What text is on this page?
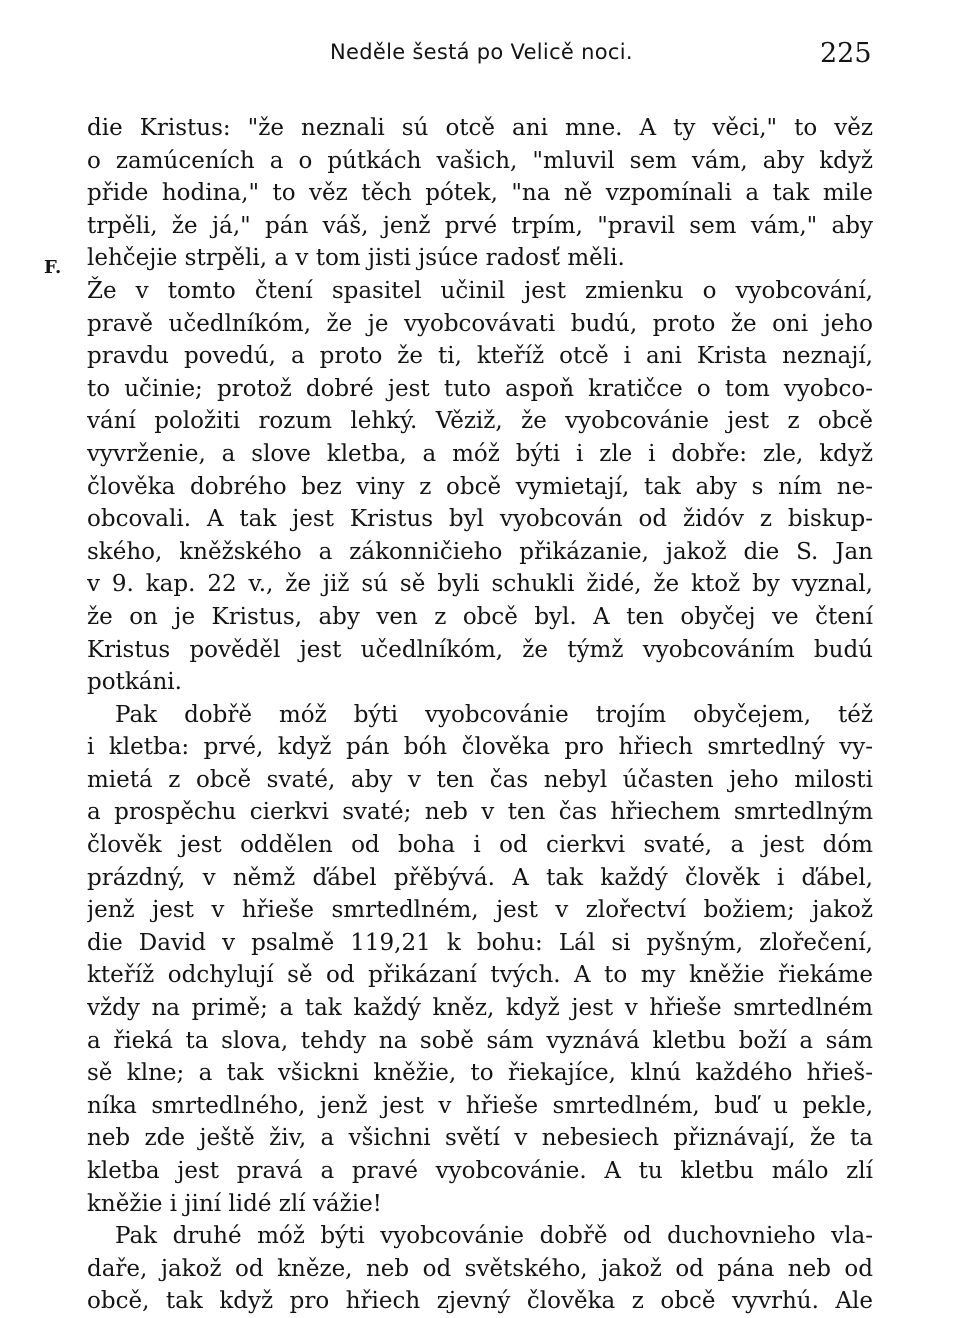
Neděle šestá po Velicě noci.	225
F.
die Kristus: "že neznali sú otcě ani mne. A ty věci," to věz
o zamúceních a o pútkách vašich, "mluvil sem vám, aby když
přide hodina," to věz těch pótek, "na ně vzpomínali a tak mile
trpěli, že já," pán váš, jenž prvé trpím, "pravil sem vám," aby
lehčejie strpěli, a v tom jisti jsúce radosť měli.
Že v tomto čtení spasitel učinil jest zmienku o vyobcování,
pravě učedlníkóm, že je vyobcovávati budú, proto že oni jeho
pravdu povedú, a proto že ti, kteříž otcě i ani Krista neznají,
to učinie; protož dobré jest tuto aspoň kratičce o tom vyobco-
vání položiti rozum lehký. Věziž, že vyobcovánie jest z obcě
vyvrženie, a slove kletba, a móž býti i zle i dobře: zle, když
člověka dobrého bez viny z obcě vymietají, tak aby s ním ne-
obcovali. A tak jest Kristus byl vyobcován od židóv z biskup-
ského, kněžského a zákonničieho přikázanie, jakož die S. Jan
v 9. kap. 22 v., že již sú sě byli schukli židé, že ktož by vyznal,
že on je Kristus, aby ven z obcě byl. A ten obyčej ve čtení
Kristus pověděl jest učedlníkóm, že týmž vyobcováním budú
potkáni.
Pak dobřě móž býti vyobcovánie trojím obyčejem, též
i kletba: prvé, když pán bóh člověka pro hřiech smrtedlný vy-
mietá z obcě svaté, aby v ten čas nebyl účasten jeho milosti
a prospěchu cierkvi svaté; neb v ten čas hřiechem smrtedlným
člověk jest oddělen od boha i od cierkvi svaté, a jest dóm
prázdný, v němž ďábel přěbývá. A tak každý člověk i ďábel,
jenž jest v hřieše smrtedlném, jest v zlořectví božiem; jakož
die David v psalmě 119,21 k bohu: Lál si pyšným, zlořečení,
kteříž odchylují sě od přikázaní tvých. A to my kněžie řiekáme
vždy na primě; a tak každý kněz, když jest v hřieše smrtedlném
a řieká ta slova, tehdy na sobě sám vyznává kletbu boží a sám
sě klne; a tak všickni kněžie, to řiekajíce, klnú každého hřieš-
níka smrtedlného, jenž jest v hřieše smrtedlném, buď u pekle,
neb zde ještě živ, a všichni světí v nebesiech přiznávají, že ta
kletba jest pravá a pravé vyobcovánie. A tu kletbu málo zlí
kněžie i jiní lidé zlí vážie!
Pak druhé móž býti vyobcovánie dobřě od duchovnieho vla-
daře, jakož od kněze, neb od světského, jakož od pána neb od
obcě, tak když pro hřiech zjevný člověka z obcě vyvrhú. Ale
